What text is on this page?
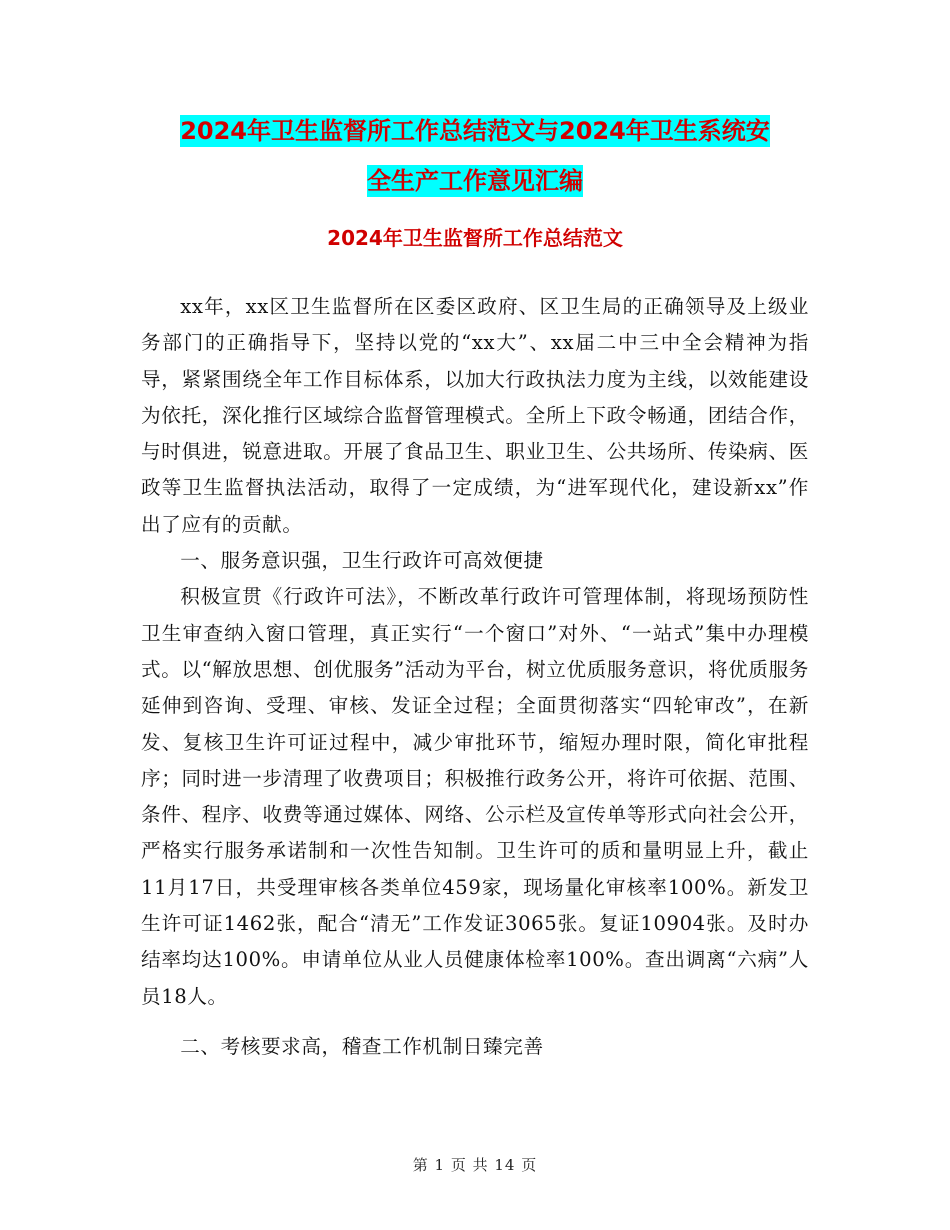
2024年卫生监督所工作总结范文与2024年卫生系统安
全生产工作意见汇编
2024年卫生监督所工作总结范文

xx年，xx区卫生监督所在区委区政府、区卫生局的正确领导及上级业务部门的正确指导下，坚持以党的“xx大”、xx届二中三中全会精神为指导，紧紧围绕全年工作目标体系，以加大行政执法力度为主线，以效能建设为依托，深化推行区域综合监督管理模式。全所上下政令畅通，团结合作，与时俱进，锐意进取。开展了食品卫生、职业卫生、公共场所、传染病、医政等卫生监督执法活动，取得了一定成绩，为“进军现代化，建设新xx”作出了应有的贡献。

一、服务意识强，卫生行政许可高效便捷

积极宣贯《行政许可法》，不断改革行政许可管理体制，将现场预防性卫生审查纳入窗口管理，真正实行“一个窗口”对外、“一站式”集中办理模式。以“解放思想、创优服务”活动为平台，树立优质服务意识，将优质服务延伸到咨询、受理、审核、发证全过程；全面贯彻落实“四轮审改”，在新发、复核卫生许可证过程中，减少审批环节，缩短办理时限，简化审批程序；同时进一步清理了收费项目；积极推行政务公开，将许可依据、范围、条件、程序、收费等通过媒体、网络、公示栏及宣传单等形式向社会公开，严格实行服务承诺制和一次性告知制。卫生许可的质和量明显上升，截止11月17日，共受理审核各类单位459家，现场量化审核率100%。新发卫生许可证1462张，配合“清无”工作发证3065张。复证10904张。及时办结率均达100%。申请单位从业人员健康体检率100%。查出调离“六病”人员18人。

二、考核要求高，稽查工作机制日臻完善

第 1 页 共 14 页
